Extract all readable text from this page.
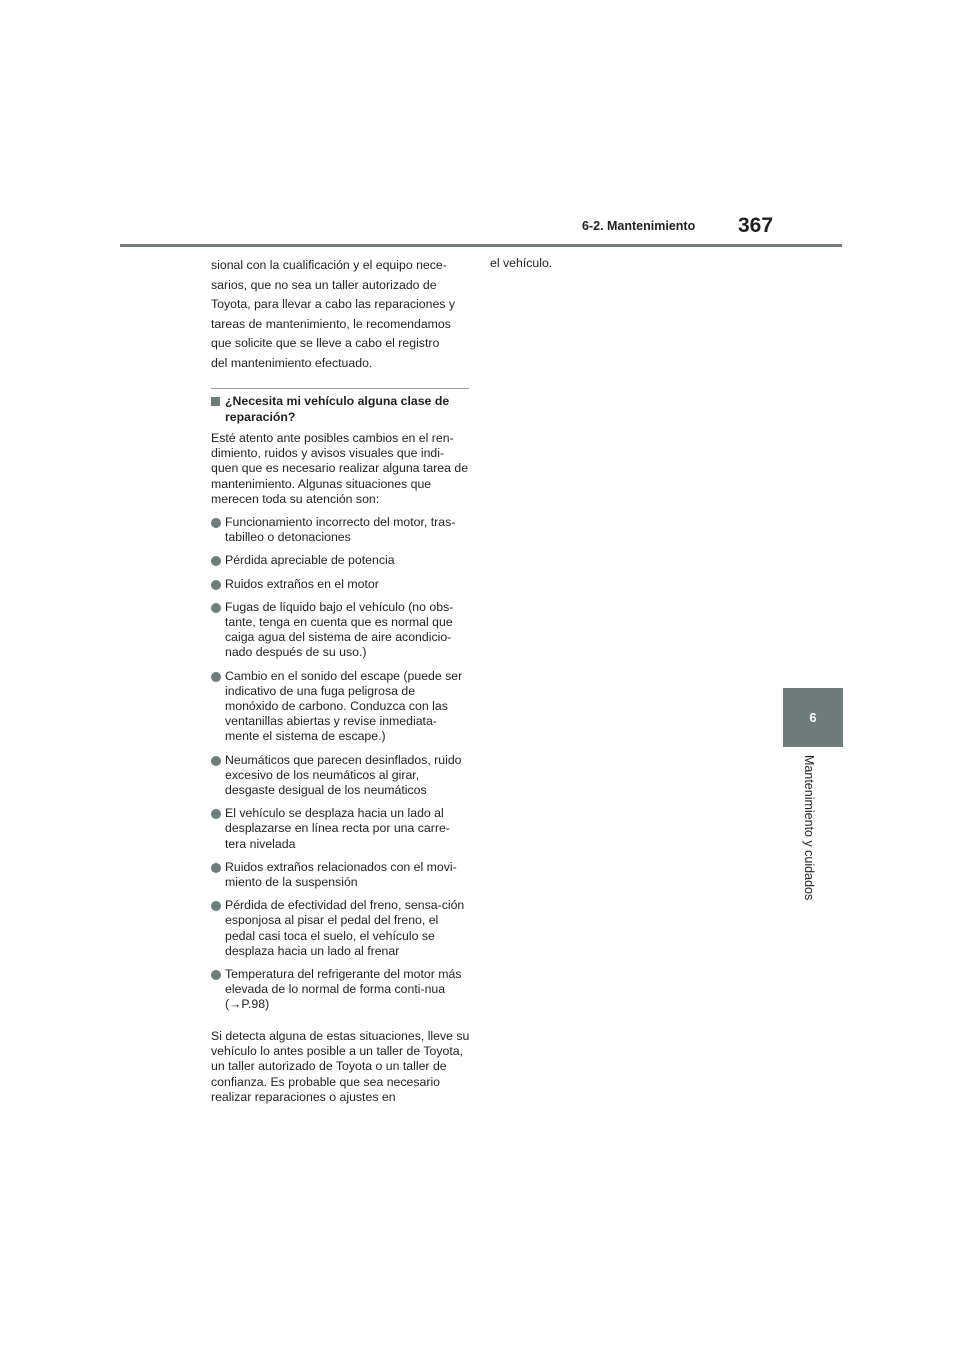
6-2. Mantenimiento 367
6
Mantenimiento y cuidados

sional con la cualificación y el equipo nece-

sarios, que no sea un taller autorizado de

Toyota, para llevar a cabo las reparaciones y

tareas de mantenimiento, le recomendamos

que solicite que se lleve a cabo el registro

del mantenimiento efectuado.

¿Necesita mi vehículo alguna clase de reparación?
Esté atento ante posibles cambios en el ren-dimiento, ruidos y avisos visuales que indi-quen que es necesario realizar alguna tarea de mantenimiento. Algunas situaciones que merecen toda su atención son:
Funcionamiento incorrecto del motor, tras-tabilleo o detonaciones
Pérdida apreciable de potencia
Ruidos extraños en el motor
Fugas de líquido bajo el vehículo (no obs-tante, tenga en cuenta que es normal que caiga agua del sistema de aire acondicio-nado después de su uso.)
Cambio en el sonido del escape (puede ser indicativo de una fuga peligrosa de monóxido de carbono. Conduzca con las ventanillas abiertas y revise inmediata-mente el sistema de escape.)
Neumáticos que parecen desinflados, ruido excesivo de los neumáticos al girar, desgaste desigual de los neumáticos
El vehículo se desplaza hacia un lado al desplazarse en línea recta por una carre-tera nivelada
Ruidos extraños relacionados con el movi-miento de la suspensión
Pérdida de efectividad del freno, sensa-ción esponjosa al pisar el pedal del freno, el pedal casi toca el suelo, el vehículo se desplaza hacia un lado al frenar
Temperatura del refrigerante del motor más elevada de lo normal de forma conti-nua (→P.98)
Si detecta alguna de estas situaciones, lleve su vehículo lo antes posible a un taller de Toyota, un taller autorizado de Toyota o un taller de confianza. Es probable que sea necesario realizar reparaciones o ajustes en
el vehículo.
